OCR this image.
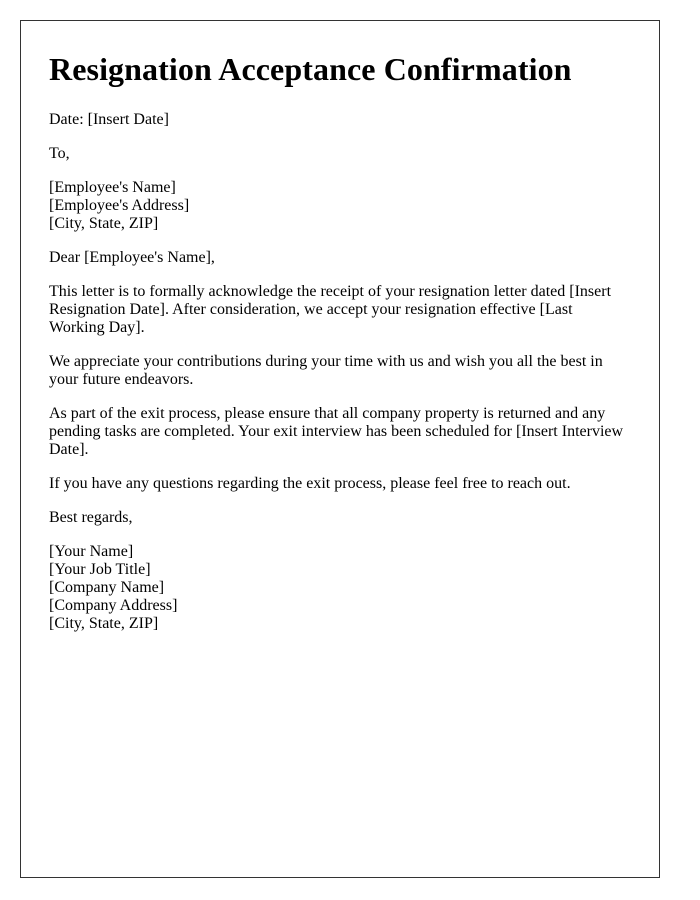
Resignation Acceptance Confirmation

Date: [Insert Date]

To,

[Employee's Name]
[Employee's Address]
[City, State, ZIP]

Dear [Employee's Name],

This letter is to formally acknowledge the receipt of your resignation letter dated [Insert Resignation Date]. After consideration, we accept your resignation effective [Last Working Day].

We appreciate your contributions during your time with us and wish you all the best in your future endeavors.

As part of the exit process, please ensure that all company property is returned and any pending tasks are completed. Your exit interview has been scheduled for [Insert Interview Date].

If you have any questions regarding the exit process, please feel free to reach out.

Best regards,

[Your Name]
[Your Job Title]
[Company Name]
[Company Address]
[City, State, ZIP]
